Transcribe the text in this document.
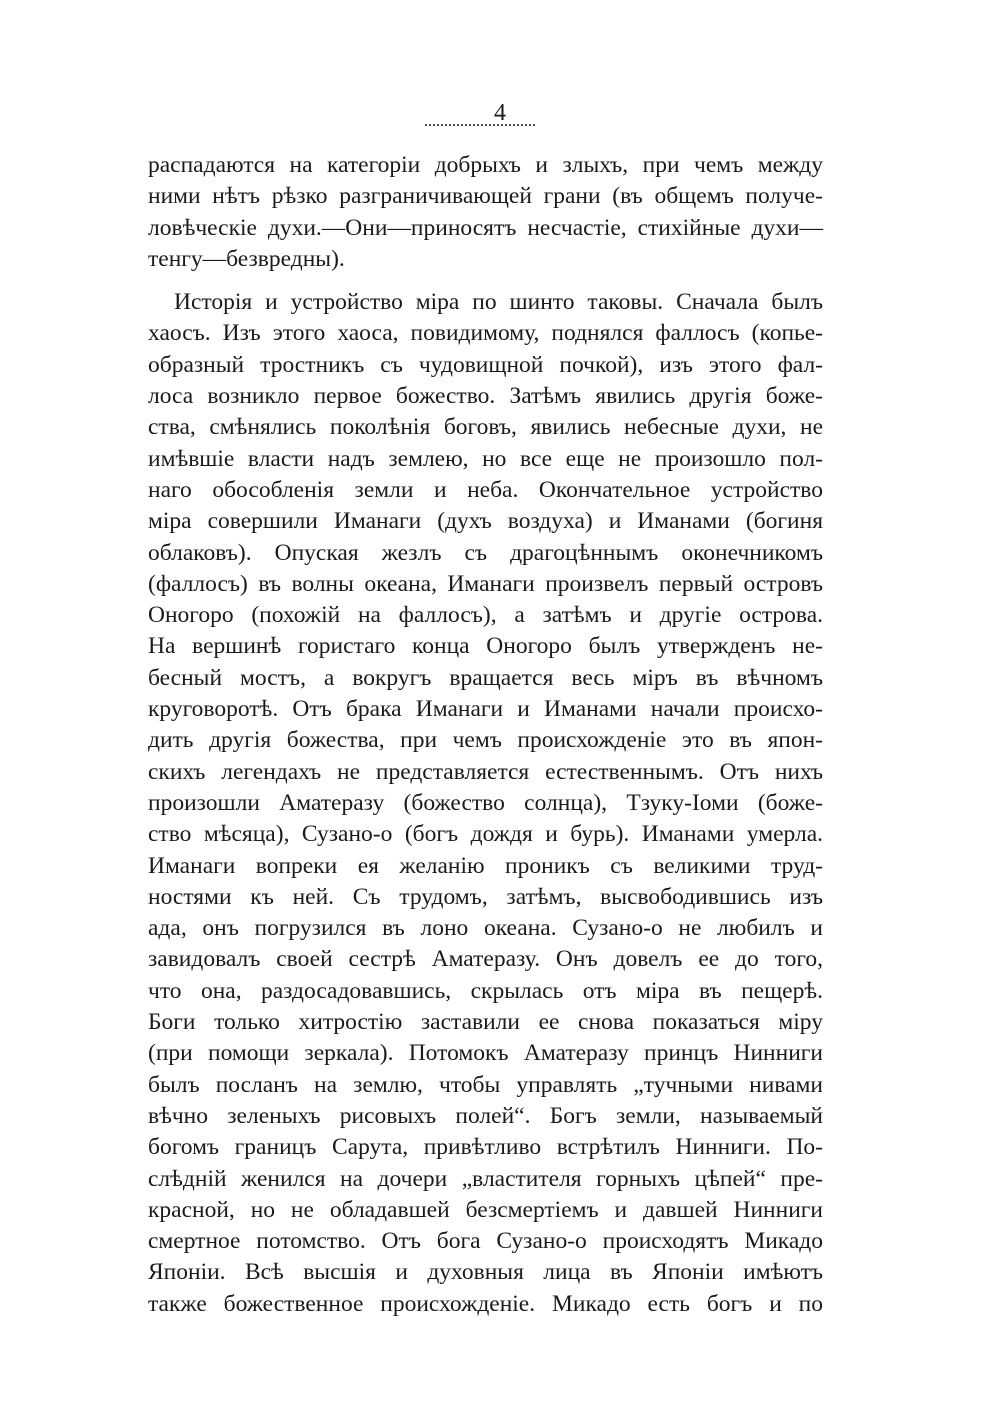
4
распадаются на категоріи добрыхъ и злыхъ, при чемъ между
ними нѣтъ рѣзко разграничивающей грани (въ общемъ получе-
ловѣческіе духи.—Они—приносятъ несчастіе, стихійные духи—
тенгу—безвредны).
Исторія и устройство міра по шинто таковы. Сначала былъ
хаосъ. Изъ этого хаоса, повидимому, поднялся фаллосъ (копье-
образный тростникъ съ чудовищной почкой), изъ этого фал-
лоса возникло первое божество. Затѣмъ явились другія боже-
ства, смѣнялись поколѣнія боговъ, явились небесные духи, не
имѣвшіе власти надъ землею, но все еще не произошло пол-
наго обособленія земли и неба. Окончательное устройство
міра совершили Иманаги (духъ воздуха) и Иманами (богиня
облаковъ). Опуская жезлъ съ драгоцѣннымъ оконечникомъ
(фаллосъ) въ волны океана, Иманаги произвелъ первый островъ
Оногоро (похожій на фаллосъ), а затѣмъ и другіе острова.
На вершинѣ гористаго конца Оногоро былъ утвержденъ не-
бесный мостъ, а вокругъ вращается весь міръ въ вѣчномъ
круговоротѣ. Отъ брака Иманаги и Иманами начали происхо-
дить другія божества, при чемъ происхожденіе это въ япон-
скихъ легендахъ не представляется естественнымъ. Отъ нихъ
произошли Аматеразу (божество солнца), Тзуку-Іоми (боже-
ство мѣсяца), Сузано-о (богъ дождя и бурь). Иманами умерла.
Иманаги вопреки ея желанію проникъ съ великими труд-
ностями къ ней. Съ трудомъ, затѣмъ, высвободившись изъ
ада, онъ погрузился въ лоно океана. Сузано-о не любилъ и
завидовалъ своей сестрѣ Аматеразу. Онъ довелъ ее до того,
что она, раздосадовавшись, скрылась отъ міра въ пещерѣ.
Боги только хитростію заставили ее снова показаться міру
(при помощи зеркала). Потомокъ Аматеразу принцъ Нинниги
былъ посланъ на землю, чтобы управлять „тучными нивами
вѣчно зеленыхъ рисовыхъ полей“. Богъ земли, называемый
богомъ границъ Сарута, привѣтливо встрѣтилъ Нинниги. По-
слѣдній женился на дочери „властителя горныхъ цѣпей“ пре-
красной, но не обладавшей безсмертіемъ и давшей Нинниги
смертное потомство. Отъ бога Сузано-о происходятъ Микадо
Японіи. Всѣ высшія и духовныя лица въ Японіи имѣютъ
также божественное происхожденіе. Микадо есть богъ и по
